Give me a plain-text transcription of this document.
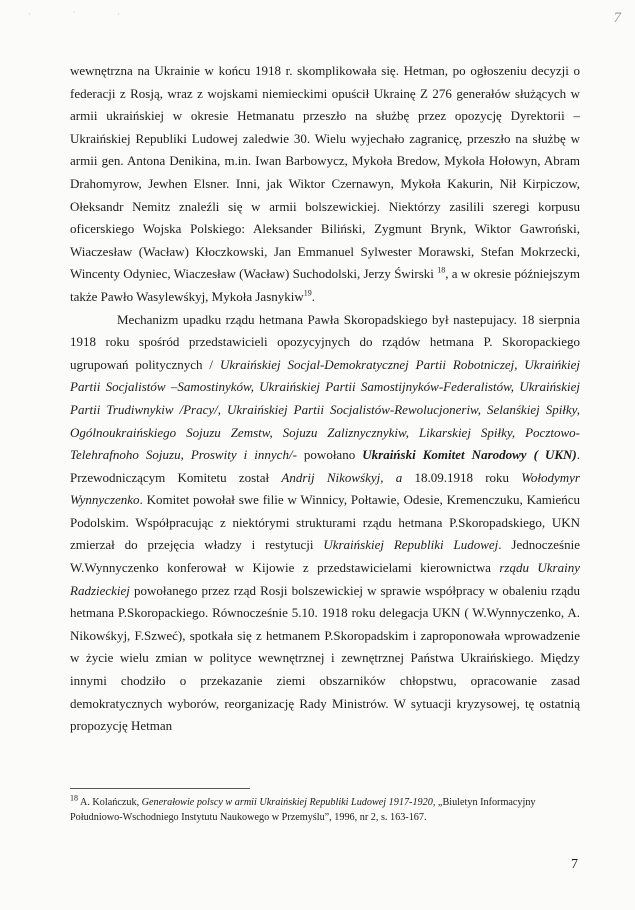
· ˈ ·	7

wewnętrzna na Ukrainie w końcu 1918 r. skomplikowała się. Hetman, po ogłoszeniu decyzji o federacji z Rosją, wraz z wojskami niemieckimi opuścił Ukrainę Z 276 generałów służących w armii ukraińskiej w okresie Hetmanatu przeszło na służbę przez opozycję Dyrektorii – Ukraińskiej Republiki Ludowej zaledwie 30. Wielu wyjechało zagranicę, przeszło na służbę w armii gen. Antona Denikina, m.in. Iwan Barbowycz, Mykoła Bredow, Mykoła Hołowyn, Abram Drahomyrow, Jewhen Elsner. Inni, jak Wiktor Czernawyn, Mykoła Kakurin, Nił Kirpiczow, Ołeksandr Nemitz znaleźli się w armii bolszewickiej. Niektórzy zasilili szeregi korpusu oficerskiego Wojska Polskiego: Aleksander Biliński, Zygmunt Brynk, Wiktor Gawroński, Wiaczesław (Wacław) Kłoczkowski, Jan Emmanuel Sylwester Morawski, Stefan Mokrzecki, Wincenty Odyniec, Wiaczesław (Wacław) Suchodolski, Jerzy Świrski $^{18}$, a w okresie późniejszym także Pawło Wasylewśkyj, Mykoła Jasnykiw$^{19}$.

Mechanizm upadku rządu hetmana Pawła Skoropadskiego był nastepujacy. 18 sierpnia 1918 roku spośród przedstawicieli opozycyjnych do rządów hetmana P. Skoropackiego ugrupowań politycznych / Ukraińskiej Socjal-Demokratycznej Partii Robotniczej, Ukraińkiej Partii Socjalistów –Samostinyków, Ukraińskiej Partii Samostijnyków-Federalistów, Ukraińskiej Partii Trudiwnykiw /Pracy/, Ukraińskiej Partii Socjalistów-Rewolucjoneriw, Selanśkiej Spiłky, Ogólnoukraińskiego Sojuzu Zemstw, Sojuzu Zaliznycznykiw, Likarskiej Spiłky, Pocztowo-Telehrafnoho Sojuzu, Proswity i innych/- powołano Ukraiński Komitet Narodowy ( UKN). Przewodniczącym Komitetu został Andrij Nikowśkyj, a 18.09.1918 roku Wołodymyr Wynnyczenko. Komitet powołał swe filie w Winnicy, Połtawie, Odesie, Kremenczuku, Kamieńcu Podolskim. Współpracując z niektórymi strukturami rządu hetmana P.Skoropadskiego, UKN zmierzał do przejęcia władzy i restytucji Ukraińskiej Republiki Ludowej. Jednocześnie W.Wynnyczenko konferował w Kijowie z przedstawicielami kierownictwa rządu Ukrainy Radzieckiej powołanego przez rząd Rosji bolszewickiej w sprawie współpracy w obaleniu rządu hetmana P.Skoropackiego. Równocześnie 5.10. 1918 roku delegacja UKN ( W.Wynnyczenko, A. Nikowśkyj, F.Szweć), spotkała się z hetmanem P.Skoropadskim i zaproponowała wprowadzenie w życie wielu zmian w polityce wewnętrznej i zewnętrznej Państwa Ukraińskiego. Między innymi chodziło o przekazanie ziemi obszarników chłopstwu, opracowanie zasad demokratycznych wyborów, reorganizację Rady Ministrów. W sytuacji kryzysowej, tę ostatnią propozycję Hetman

$^{18}$ A. Kolańczuk, Generałowie polscy w armii Ukraińskiej Republiki Ludowej 1917-1920, „Biuletyn Informacyjny Południowo-Wschodniego Instytutu Naukowego w Przemyślu”, 1996, nr 2, s. 163-167.
7
